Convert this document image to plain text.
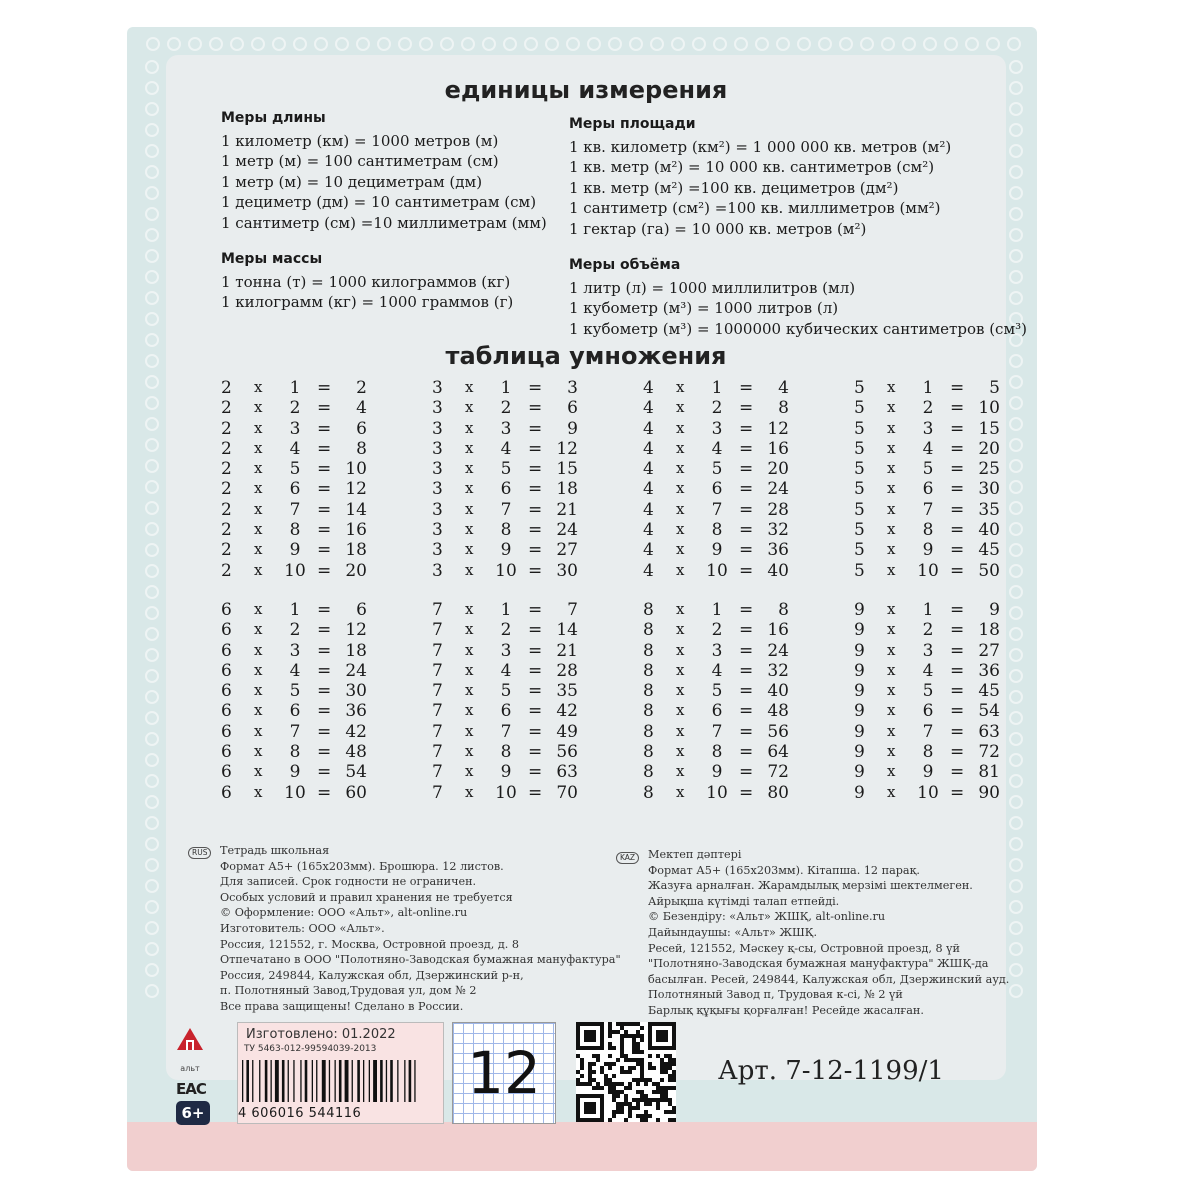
единицы измерения
Меры длины
1 километр (км) = 1000 метров (м)
1 метр (м) = 100 сантиметрам (см)
1 метр (м) = 10 дециметрам (дм)
1 дециметр (дм) = 10 сантиметрам (см)
1 сантиметр (см) =10 миллиметрам (мм)
Меры массы
1 тонна (т) = 1000 килограммов (кг)
1 килограмм (кг) = 1000 граммов (г)
Меры площади
1 кв. километр (км²) = 1 000 000 кв. метров (м²)
1 кв. метр (м²) = 10 000 кв. сантиметров (см²)
1 кв. метр (м²) =100 кв. дециметров (дм²)
1 сантиметр (см²) =100 кв. миллиметров (мм²)
1 гектар (га) = 10 000 кв. метров (м²)
Меры объёма
1 литр (л) = 1000 миллилитров (мл)
1 кубометр (м³) = 1000 литров (л)
1 кубометр (м³) = 1000000 кубических сантиметров (см³)
таблица умножения
2 x	1 =	2
2 x	2 =	4
2 x	3 =	6
2 x	4 =	8
2 x	5 = 10
2 x	6 = 12
2 x	7 = 14
2 x	8 = 16
2 x	9 = 18
2 x 10 = 20
3 x	1 =	3
3 x	2 =	6
3 x	3 =	9
3 x	4 = 12
3 x	5 = 15
3 x	6 = 18
3 x	7 = 21
3 x	8 = 24
3 x	9 = 27
3 x 10 = 30
4 x	1 =	4
4 x	2 =	8
4 x	3 = 12
4 x	4 = 16
4 x	5 = 20
4 x	6 = 24
4 x	7 = 28
4 x	8 = 32
4 x	9 = 36
4 x 10 = 40
5 x	1 =	5
5 x	2 = 10
5 x	3 = 15
5 x	4 = 20
5 x	5 = 25
5 x	6 = 30
5 x	7 = 35
5 x	8 = 40
5 x	9 = 45
5 x 10 = 50
6 x	1 =	6
6 x	2 = 12
6 x	3 = 18
6 x	4 = 24
6 x	5 = 30
6 x	6 = 36
6 x	7 = 42
6 x	8 = 48
6 x	9 = 54
6 x 10 = 60
7 x	1 =	7
7 x	2 = 14
7 x	3 = 21
7 x	4 = 28
7 x	5 = 35
7 x	6 = 42
7 x	7 = 49
7 x	8 = 56
7 x	9 = 63
7 x 10 = 70
8 x	1 =	8
8 x	2 = 16
8 x	3 = 24
8 x	4 = 32
8 x	5 = 40
8 x	6 = 48
8 x	7 = 56
8 x	8 = 64
8 x	9 = 72
8 x 10 = 80
9 x	1 =	9
9 x	2 = 18
9 x	3 = 27
9 x	4 = 36
9 x	5 = 45
9 x	6 = 54
9 x	7 = 63
9 x	8 = 72
9 x	9 = 81
9 x 10 = 90
RUS	Тетрадь школьная
Формат А5+ (165х203мм). Брошюра. 12 листов.
Для записей. Срок годности не ограничен.
Особых условий и правил хранения не требуется
© Оформление: ООО «Альт», alt-online.ru
Изготовитель: ООО «Альт».
Россия, 121552, г. Москва, Островной проезд, д. 8
Отпечатано в ООО "Полотняно-Заводская бумажная мануфактура"
Россия, 249844, Калужская обл, Дзержинский р-н,
п. Полотняный Завод,Трудовая ул, дом № 2
Все права защищены! Сделано в России.
KAZ	Мектеп дәптері
Формат А5+ (165х203мм). Кітапша. 12 парақ.
Жазуға арналған. Жарамдылық мерзімі шектелмеген.
Айрықша күтімді талап етпейді.
© Безендіру: «Альт» ЖШҚ, alt-online.ru
Дайындаушы: «Альт» ЖШҚ.
Ресей, 121552, Мәскеу қ-сы, Островной проезд, 8 үй
"Полотняно-Заводская бумажная мануфактура" ЖШҚ-да
басылған. Ресей, 249844, Калужская обл, Дзержинский ауд.
Полотняный Завод п, Трудовая к-сі, № 2 үй
Барлық құқығы қорғалған! Ресейде жасалған.
альт
EAC
6+
Изготовлено: 01.2022
ТУ 5463-012-99594039-2013
4 606016 544116
12	Арт. 7-12-1199/1
